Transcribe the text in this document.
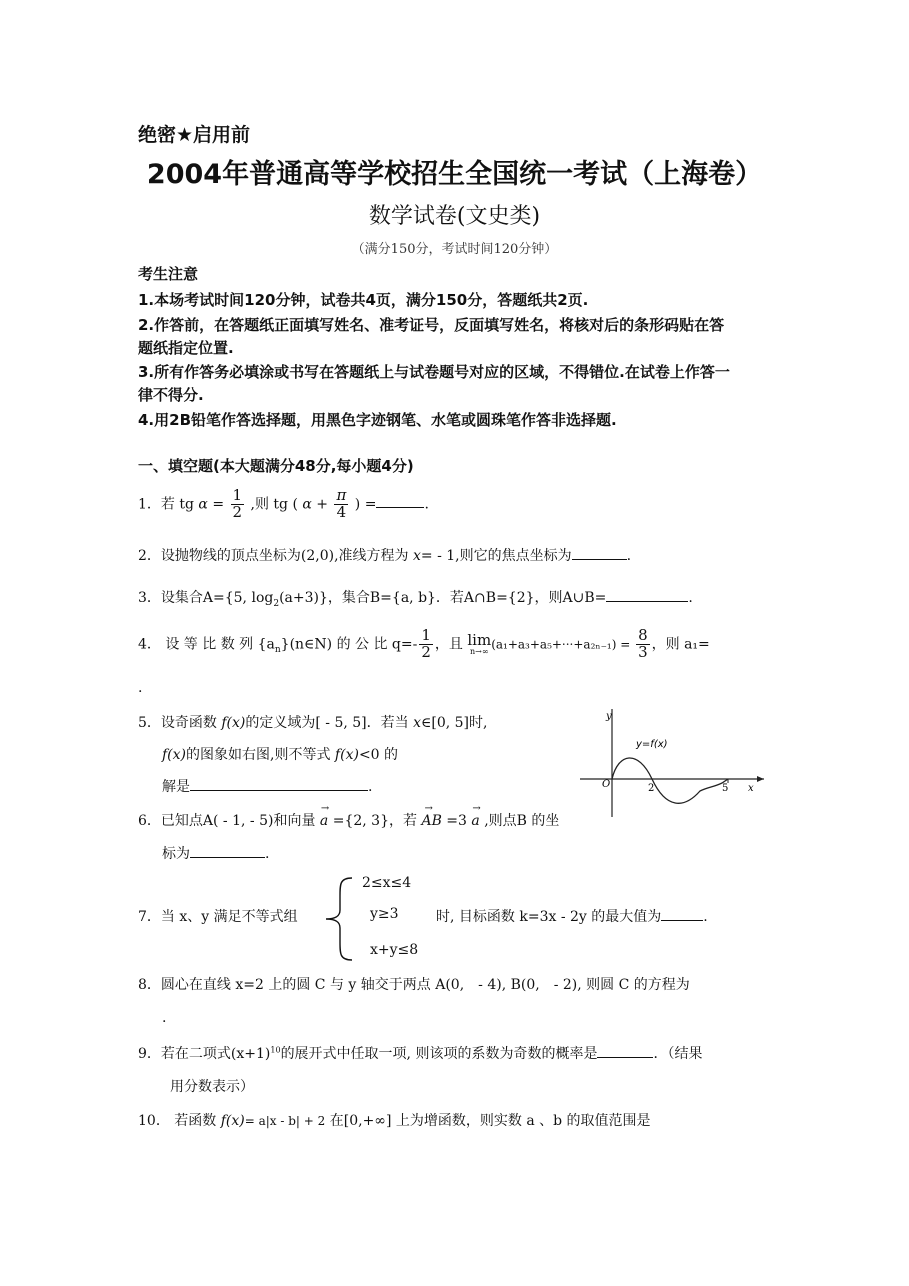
绝密★启用前
2004年普通高等学校招生全国统一考试（上海卷）
数学试卷(文史类)
（满分150分，考试时间120分钟）
考生注意
1.本场考试时间120分钟，试卷共4页，满分150分，答题纸共2页.
2.作答前，在答题纸正面填写姓名、准考证号，反面填写姓名，将核对后的条形码贴在答
题纸指定位置.
3.所有作答务必填涂或书写在答题纸上与试卷题号对应的区域，不得错位.在试卷上作答一
律不得分.
4.用2B铅笔作答选择题，用黑色字迹钢笔、水笔或圆珠笔作答非选择题.
一、填空题(本大题满分48分,每小题4分)
1．若 tg $\alpha = \frac{1}{2}$ ,则 tg ( $\alpha + \frac{\pi}{4}$ ) =	.
2．设抛物线的顶点坐标为(2,0),准线方程为 x= - 1,则它的焦点坐标为	.
3．设集合A={5, $\log_2(a+3)$}，集合B={a, b}．若A∩B={2}，则A∪B=	.
4． 设 等 比 数 列 $\{a_n\}(n\in N)$ 的 公 比 $q=- \frac{1}{2}$ ，且 lim
n→∞ $(a_1+a_3+a_5+\cdot\cdot\cdot+a_{2n-1}) = \frac{8}{3}$ ，则 a₁=
.
5．设奇函数 f(x)的定义域为[ - 5, 5]．若当 x∈[0, 5]时,
f(x)的图象如右图,则不等式 f(x)<0 的
解是	.
y
y=f(x)
O	2	5 x
6．已知点A( - 1, - 5)和向量 a
→
={2, 3}，若 AB
→
=3 a
→
,则点B 的坐
标为	.
7．当 x、y 满足不等式组
2≤x≤4
y≥3
x+y≤8
时, 目标函数 k=3x - 2y 的最大值为	.
8．圆心在直线 x=2 上的圆 C 与 y 轴交于两点 A(0,　- 4), B(0,　- 2), 则圆 C 的方程为
.
9．若在二项式$(x+1)^{10}$的展开式中任取一项, 则该项的系数为奇数的概率是	．（结果
用分数表示）
10． 若函数 f(x)= a|x - b| + 2 在[0,+∞] 上为增函数，则实数 a 、b 的取值范围是
